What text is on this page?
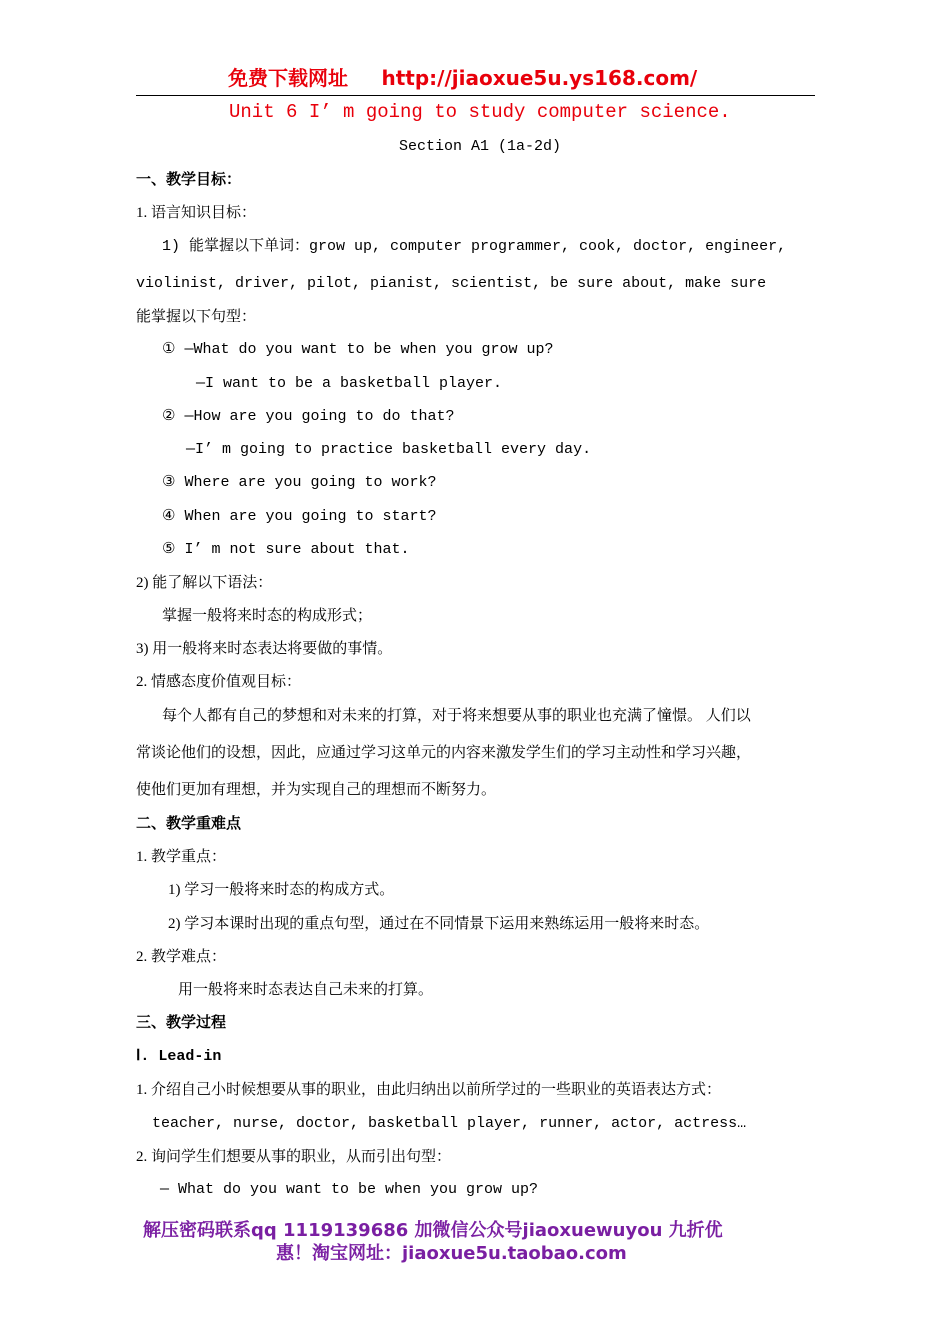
免费下载网址 http://jiaoxue5u.ys168.com/
Unit 6 I’ m going to study computer science.
Section A1 (1a-2d)
一、教学目标：
1. 语言知识目标：
1) 能掌握以下单词：grow up, computer programmer, cook, doctor, engineer,
violinist, driver, pilot, pianist, scientist, be sure about, make sure
能掌握以下句型：
① —What do you want to be when you grow up?
—I want to be a basketball player.
② —How are you going to do that?
—I’ m going to practice basketball every day.
③ Where are you going to work?
④ When are you going to start?
⑤ I’ m not sure about that.
2) 能了解以下语法：
掌握一般将来时态的构成形式；
3) 用一般将来时态表达将要做的事情。
2. 情感态度价值观目标：
每个人都有自己的梦想和对未来的打算，对于将来想要从事的职业也充满了憧憬。 人们以
常谈论他们的设想，因此，应通过学习这单元的内容来激发学生们的学习主动性和学习兴趣，
使他们更加有理想，并为实现自己的理想而不断努力。
二、教学重难点
1. 教学重点：
1) 学习一般将来时态的构成方式。
2) 学习本课时出现的重点句型，通过在不同情景下运用来熟练运用一般将来时态。
2. 教学难点：
用一般将来时态表达自己未来的打算。
三、教学过程
Ⅰ. Lead-in
1. 介绍自己小时候想要从事的职业，由此归纳出以前所学过的一些职业的英语表达方式：
teacher, nurse, doctor, basketball player, runner, actor, actress…
2. 询问学生们想要从事的职业，从而引出句型：
— What do you want to be when you grow up?
解压密码联系qq 1119139686 加微信公众号jiaoxuewuyou 九折优
惠！淘宝网址：jiaoxue5u.taobao.com
